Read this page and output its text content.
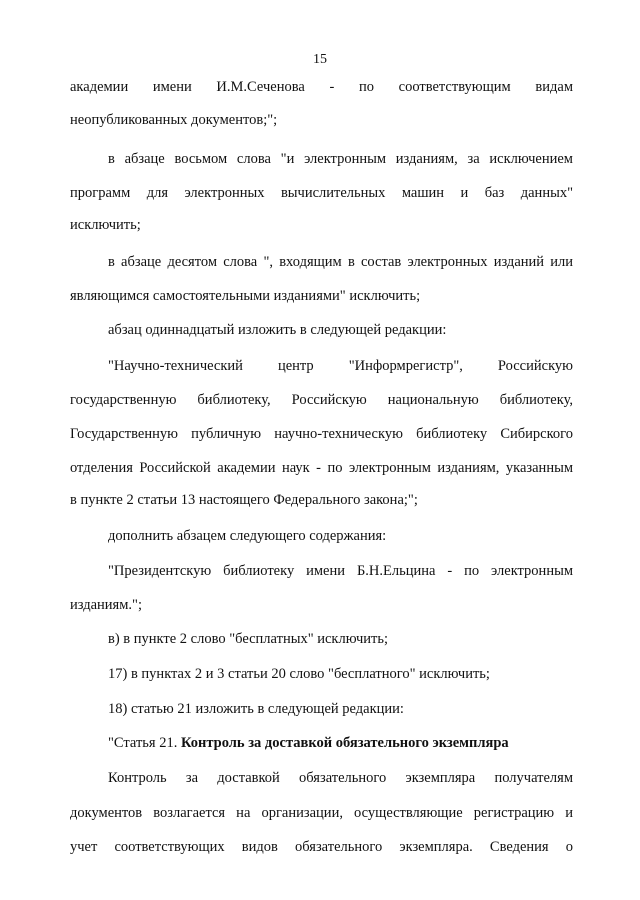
15
академии имени И.М.Сеченова - по соответствующим видам
неопубликованных документов;";
в абзаце восьмом слова "и электронным изданиям, за исключением
программ для электронных вычислительных машин и баз данных"
исключить;
в абзаце десятом слова ", входящим в состав электронных изданий или
являющимся самостоятельными изданиями" исключить;
абзац одиннадцатый изложить в следующей редакции:
"Научно-технический центр "Информрегистр", Российскую
государственную библиотеку, Российскую национальную библиотеку,
Государственную публичную научно-техническую библиотеку Сибирского
отделения Российской академии наук - по электронным изданиям, указанным
в пункте 2 статьи 13 настоящего Федерального закона;";
дополнить абзацем следующего содержания:
"Президентскую библиотеку имени Б.Н.Ельцина - по электронным
изданиям.";
в) в пункте 2 слово "бесплатных" исключить;
17) в пунктах 2 и 3 статьи 20 слово "бесплатного" исключить;
18) статью 21 изложить в следующей редакции:
"Статья 21. Контроль за доставкой обязательного экземпляра
Контроль за доставкой обязательного экземпляра получателям
документов возлагается на организации, осуществляющие регистрацию и
учет соответствующих видов обязательного экземпляра. Сведения о
